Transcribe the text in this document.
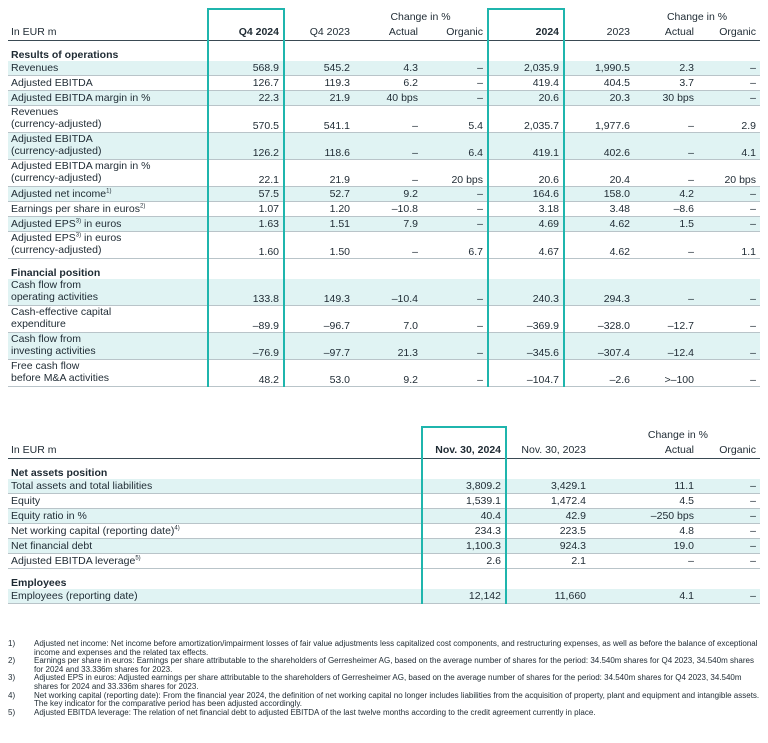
			Change in %				Change in %	
In EUR m	Q4 2024	Q4 2023	Actual	Organic	2024	2023	Actual	Organic
Results of operations								
Revenues	568.9	545.2	4.3	–	2,035.9	1,990.5	2.3	–
Adjusted EBITDA	126.7	119.3	6.2	–	419.4	404.5	3.7	–
Adjusted EBITDA margin in %	22.3	21.9	40 bps	–	20.6	20.3	30 bps	–
Revenues
(currency-adjusted)	570.5	541.1	–	5.4	2,035.7	1,977.6	–	2.9
Adjusted EBITDA
(currency-adjusted)	126.2	118.6	–	6.4	419.1	402.6	–	4.1
Adjusted EBITDA margin in %
(currency-adjusted)	22.1	21.9	–	20 bps	20.6	20.4	–	20 bps
Adjusted net income$^{1)}$	57.5	52.7	9.2	–	164.6	158.0	4.2	–
Earnings per share in euros$^{2)}$	1.07	1.20	–10.8	–	3.18	3.48	–8.6	–
Adjusted EPS$^{3)}$ in euros	1.63	1.51	7.9	–	4.69	4.62	1.5	–
Adjusted EPS$^{3)}$ in euros
(currency-adjusted)	1.60	1.50	–	6.7	4.67	4.62	–	1.1
Financial position								
Cash flow from
operating activities	133.8	149.3	–10.4	–	240.3	294.3	–	–
Cash-effective capital
expenditure	–89.9	–96.7	7.0	–	–369.9	–328.0	–12.7	–
Cash flow from
investing activities	–76.9	–97.7	21.3	–	–345.6	–307.4	–12.4	–
Free cash flow
before M&A activities	48.2	53.0	9.2	–	–104.7	–2.6	>–100	–
			Change in %	
In EUR m	Nov. 30, 2024	Nov. 30, 2023	Actual	Organic
Net assets position				
Total assets and total liabilities	3,809.2	3,429.1	11.1	–
Equity	1,539.1	1,472.4	4.5	–
Equity ratio in %	40.4	42.9	–250 bps	–
Net working capital (reporting date)$^{4)}$	234.3	223.5	4.8	–
Net financial debt	1,100.3	924.3	19.0	–
Adjusted EBITDA leverage$^{5)}$	2.6	2.1	–	–
Employees				
Employees (reporting date)	12,142	11,660	4.1	–
1)	Adjusted net income: Net income before amortization/impairment losses of fair value adjustments less capitalized cost components, and restructuring expenses, as well as before the balance of exceptional income and expenses and the related tax effects.
2)	Earnings per share in euros: Earnings per share attributable to the shareholders of Gerresheimer AG, based on the average number of shares for the period: 34.540m shares for Q4 2023, 34.540m shares for 2024 and 33.336m shares for 2023.
3)	Adjusted EPS in euros: Adjusted earnings per share attributable to the shareholders of Gerresheimer AG, based on the average number of shares for the period: 34.540m shares for Q4 2023, 34.540m shares for 2024 and 33.336m shares for 2023.
4)	Net working capital (reporting date): From the financial year 2024, the definition of net working capital no longer includes liabilities from the acquisition of property, plant and equipment and intangible assets. The key indicator for the comparative period has been adjusted accordingly.
5)	Adjusted EBITDA leverage: The relation of net financial debt to adjusted EBITDA of the last twelve months according to the credit agreement currently in place.
